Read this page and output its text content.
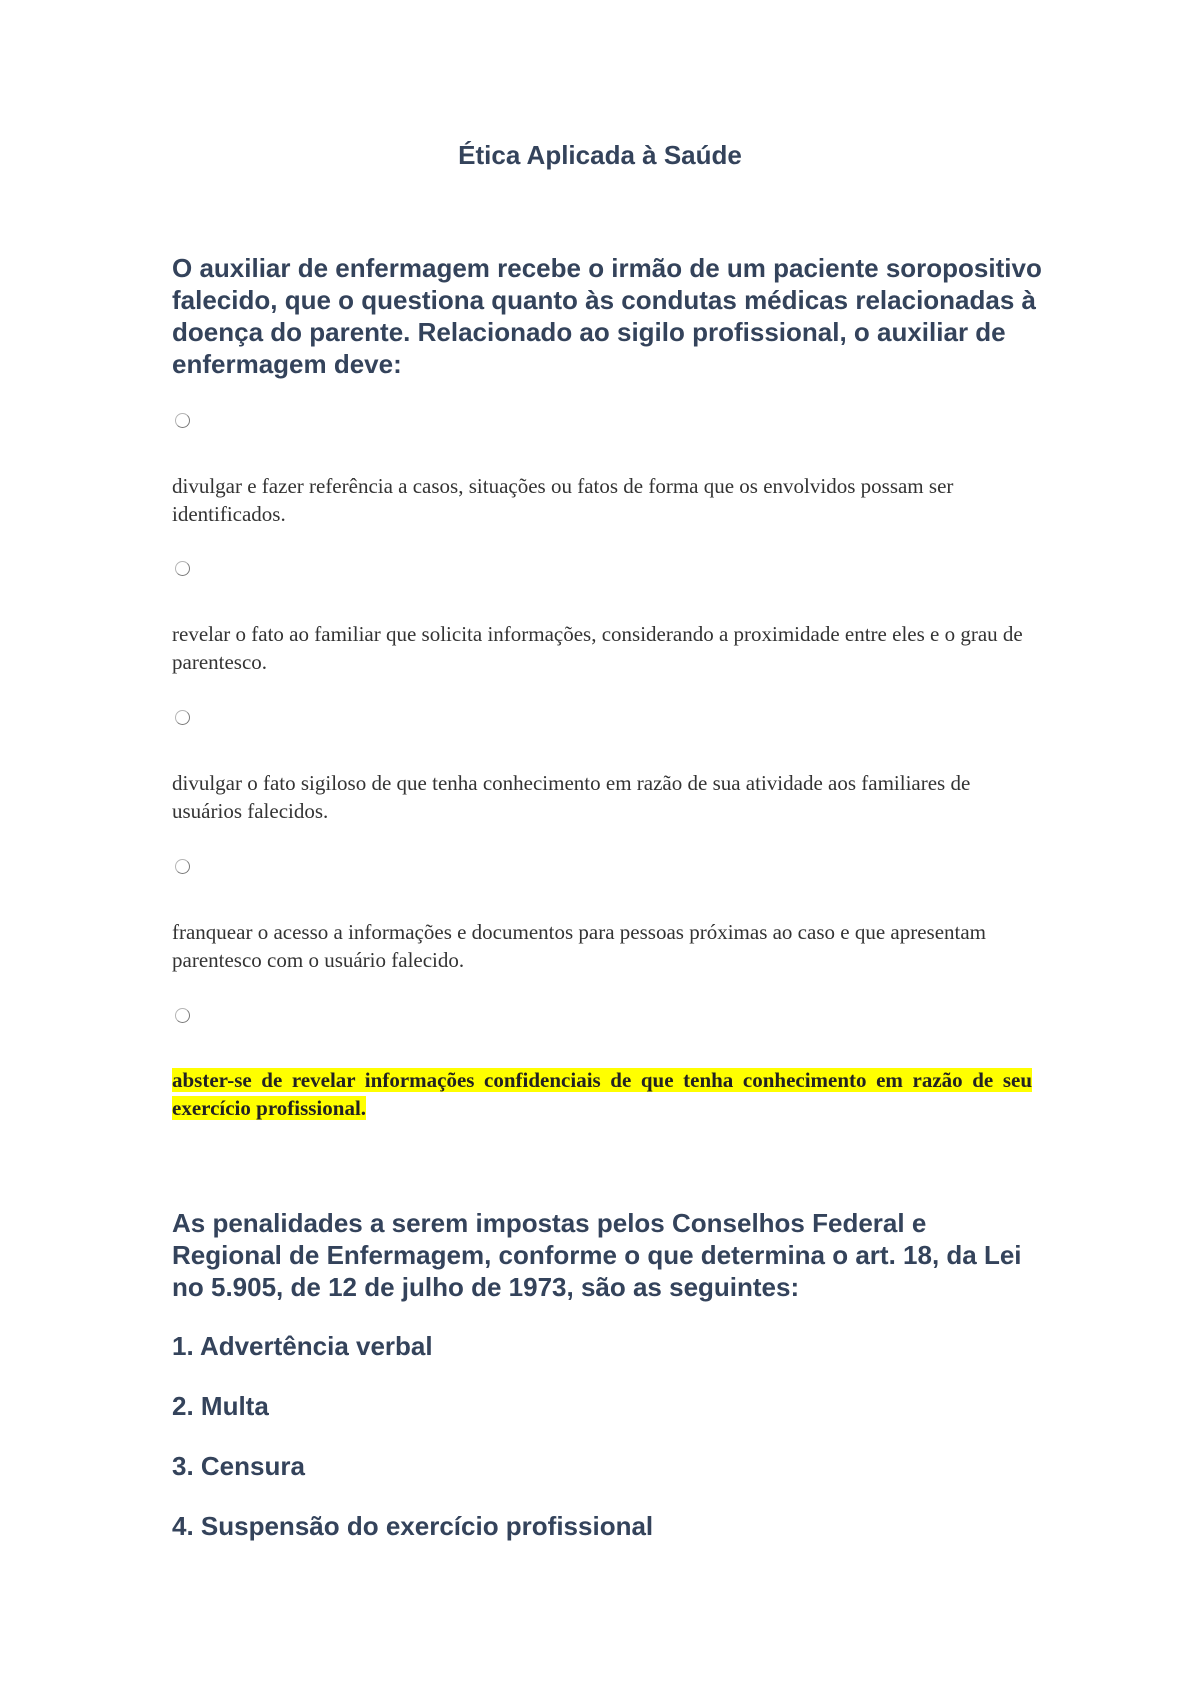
Ética Aplicada à Saúde

O auxiliar de enfermagem recebe o irmão de um paciente soropositivo falecido, que o questiona quanto às condutas médicas relacionadas à doença do parente. Relacionado ao sigilo profissional, o auxiliar de enfermagem deve:

divulgar e fazer referência a casos, situações ou fatos de forma que os envolvidos possam ser identificados.

revelar o fato ao familiar que solicita informações, considerando a proximidade entre eles e o grau de parentesco.

divulgar o fato sigiloso de que tenha conhecimento em razão de sua atividade aos familiares de usuários falecidos.

franquear o acesso a informações e documentos para pessoas próximas ao caso e que apresentam parentesco com o usuário falecido.

abster-se de revelar informações confidenciais de que tenha conhecimento em razão de seu exercício profissional.

As penalidades a serem impostas pelos Conselhos Federal e Regional de Enfermagem, conforme o que determina o art. 18, da Lei no 5.905, de 12 de julho de 1973, são as seguintes:

1. Advertência verbal

2. Multa

3. Censura

4. Suspensão do exercício profissional
